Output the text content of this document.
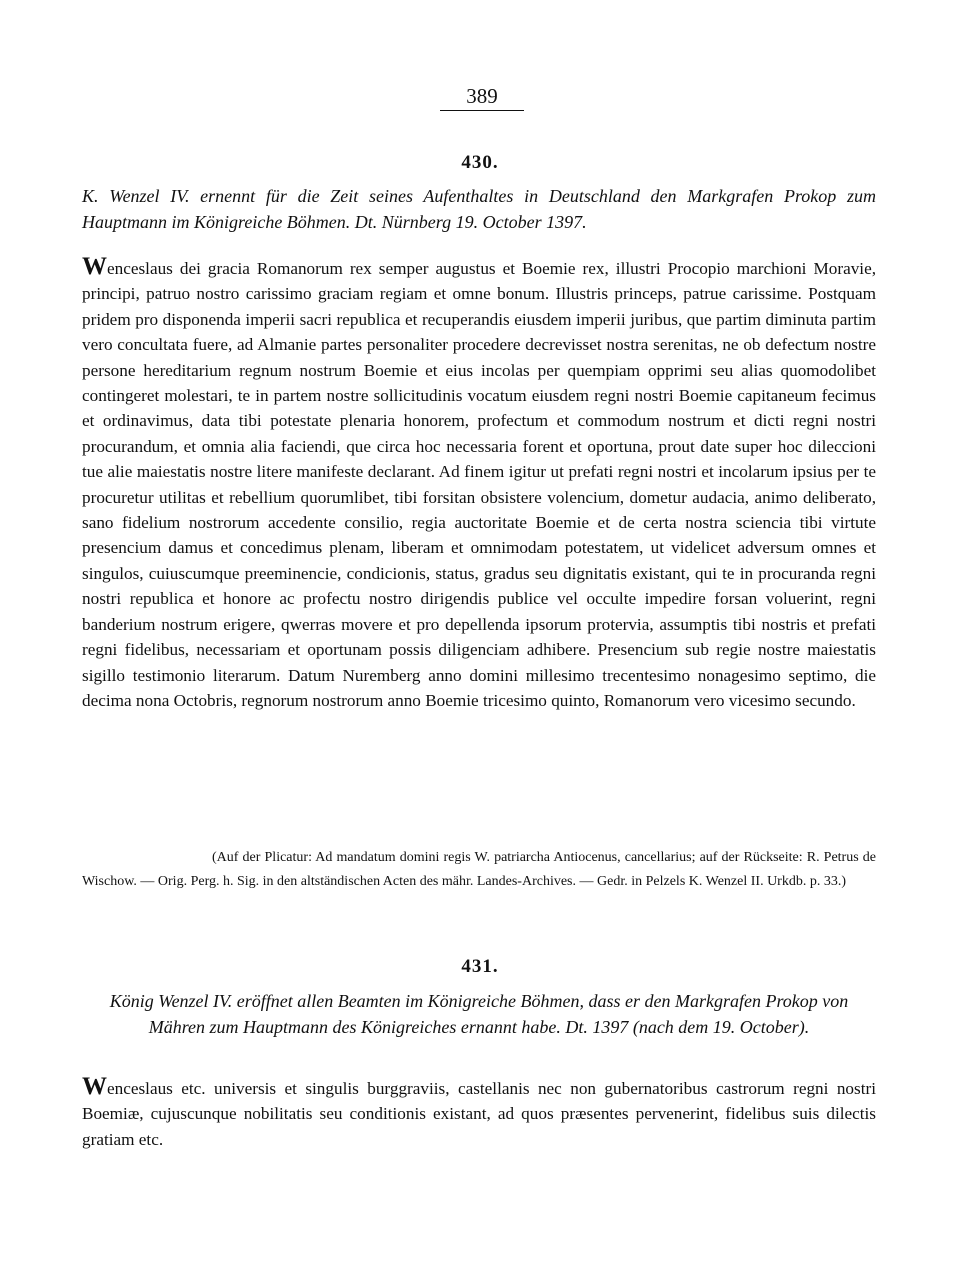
389
430.
K. Wenzel IV. ernennt für die Zeit seines Aufenthaltes in Deutschland den Markgrafen Prokop zum Hauptmann im Königreiche Böhmen. Dt. Nürnberg 19. October 1397.
Wenceslaus dei gracia Romanorum rex semper augustus et Boemie rex, illustri Procopio marchioni Moravie, principi, patruo nostro carissimo graciam regiam et omne bonum. Illustris princeps, patrue carissime. Postquam pridem pro disponenda imperii sacri republica et recuperandis eiusdem imperii juribus, que partim diminuta partim vero concultata fuere, ad Almanie partes personaliter procedere decrevisset nostra serenitas, ne ob defectum nostre persone hereditarium regnum nostrum Boemie et eius incolas per quempiam opprimi seu alias quomodolibet contingeret molestari, te in partem nostre sollicitudinis vocatum eiusdem regni nostri Boemie capitaneum fecimus et ordinavimus, data tibi potestate plenaria honorem, profectum et commodum nostrum et dicti regni nostri procurandum, et omnia alia faciendi, que circa hoc necessaria forent et oportuna, prout date super hoc dileccioni tue alie maiestatis nostre litere manifeste declarant. Ad finem igitur ut prefati regni nostri et incolarum ipsius per te procuretur utilitas et rebellium quorumlibet, tibi forsitan obsistere volencium, dometur audacia, animo deliberato, sano fidelium nostrorum accedente consilio, regia auctoritate Boemie et de certa nostra sciencia tibi virtute presencium damus et concedimus plenam, liberam et omnimodam potestatem, ut videlicet adversum omnes et singulos, cuiuscumque preeminencie, condicionis, status, gradus seu dignitatis existant, qui te in procuranda regni nostri republica et honore ac profectu nostro dirigendis publice vel occulte impedire forsan voluerint, regni banderium nostrum erigere, qwerras movere et pro depellenda ipsorum protervia, assumptis tibi nostris et prefati regni fidelibus, necessariam et oportunam possis diligenciam adhibere. Presencium sub regie nostre maiestatis sigillo testimonio literarum. Datum Nuremberg anno domini millesimo trecentesimo nonagesimo septimo, die decima nona Octobris, regnorum nostrorum anno Boemie tricesimo quinto, Romanorum vero vicesimo secundo.
(Auf der Plicatur: Ad mandatum domini regis W. patriarcha Antiocenus, cancellarius; auf der Rückseite: R. Petrus de Wischow. — Orig. Perg. h. Sig. in den altständischen Acten des mähr. Landes-Archives. — Gedr. in Pelzels K. Wenzel II. Urkdb. p. 33.)
431.
König Wenzel IV. eröffnet allen Beamten im Königreiche Böhmen, dass er den Markgrafen Prokop von Mähren zum Hauptmann des Königreiches ernannt habe. Dt. 1397 (nach dem 19. October).
Wenceslaus etc. universis et singulis burggraviis, castellanis nec non gubernatoribus castrorum regni nostri Boemiæ, cujuscunque nobilitatis seu conditionis existant, ad quos præsentes pervenerint, fidelibus suis dilectis gratiam etc.
